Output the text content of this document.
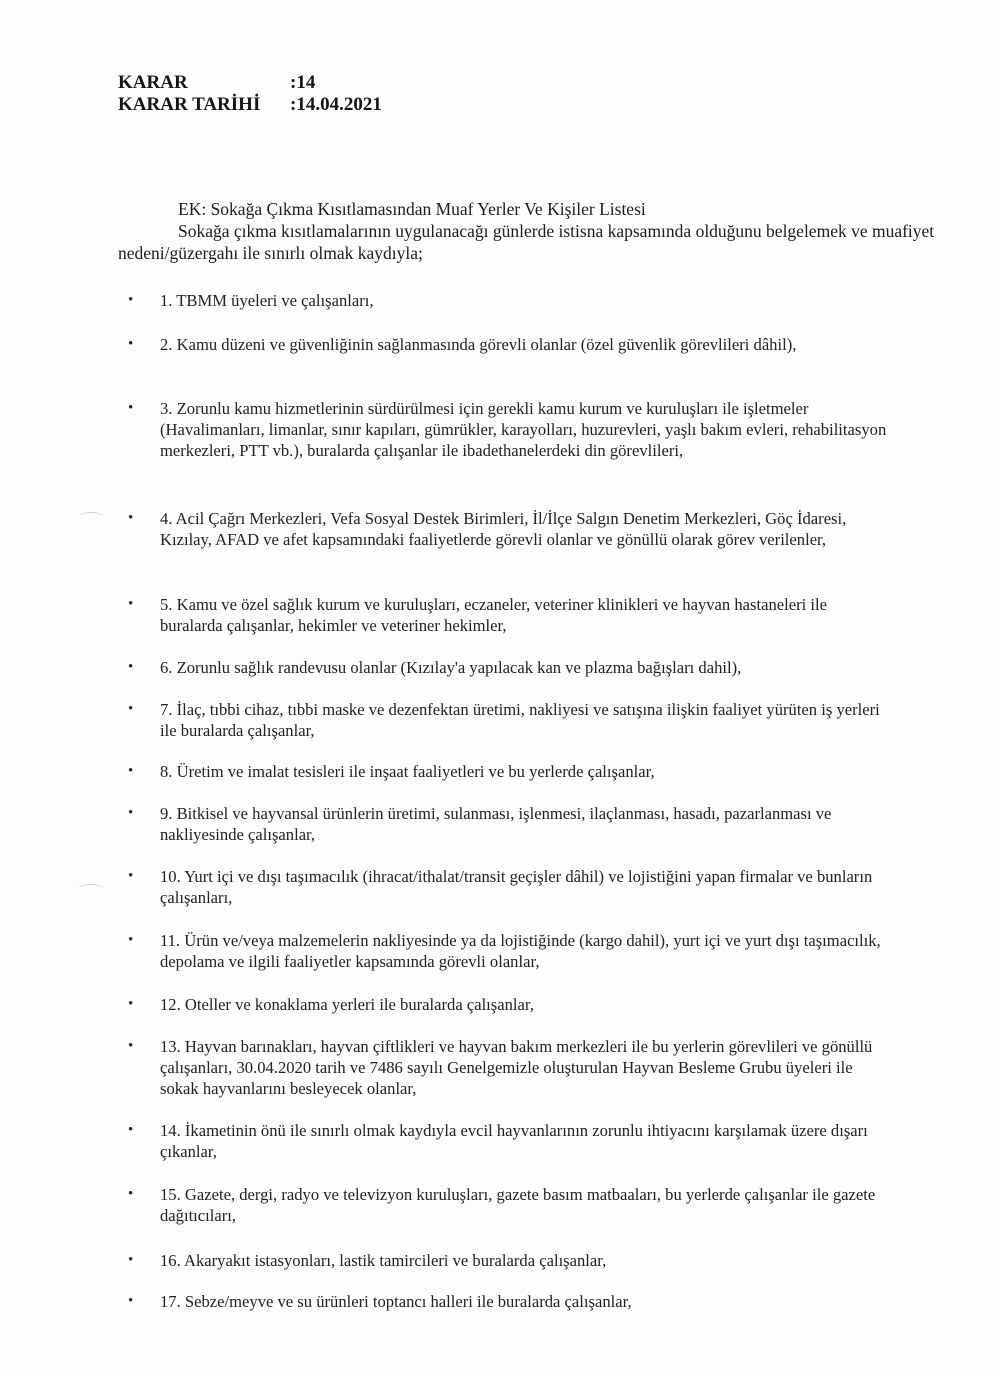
KARAR	:14
KARAR TARİHİ	:14.04.2021
EK: Sokağa Çıkma Kısıtlamasından Muaf Yerler Ve Kişiler Listesi
Sokağa çıkma kısıtlamalarının uygulanacağı günlerde istisna kapsamında olduğunu belgelemek ve muafiyet nedeni/güzergahı ile sınırlı olmak kaydıyla;
•	1. TBMM üyeleri ve çalışanları,
•	2. Kamu düzeni ve güvenliğinin sağlanmasında görevli olanlar (özel güvenlik görevlileri dâhil),
•	3. Zorunlu kamu hizmetlerinin sürdürülmesi için gerekli kamu kurum ve kuruluşları ile işletmeler (Havalimanları, limanlar, sınır kapıları, gümrükler, karayolları, huzurevleri, yaşlı bakım evleri, rehabilitasyon merkezleri, PTT vb.), buralarda çalışanlar ile ibadethanelerdeki din görevlileri,
•	4. Acil Çağrı Merkezleri, Vefa Sosyal Destek Birimleri, İl/İlçe Salgın Denetim Merkezleri, Göç İdaresi, Kızılay, AFAD ve afet kapsamındaki faaliyetlerde görevli olanlar ve gönüllü olarak görev verilenler,
•	5. Kamu ve özel sağlık kurum ve kuruluşları, eczaneler, veteriner klinikleri ve hayvan hastaneleri ile buralarda çalışanlar, hekimler ve veteriner hekimler,
•	6. Zorunlu sağlık randevusu olanlar (Kızılay'a yapılacak kan ve plazma bağışları dahil),
•	7. İlaç, tıbbi cihaz, tıbbi maske ve dezenfektan üretimi, nakliyesi ve satışına ilişkin faaliyet yürüten iş yerleri ile buralarda çalışanlar,
•	8. Üretim ve imalat tesisleri ile inşaat faaliyetleri ve bu yerlerde çalışanlar,
•	9. Bitkisel ve hayvansal ürünlerin üretimi, sulanması, işlenmesi, ilaçlanması, hasadı, pazarlanması ve nakliyesinde çalışanlar,
•	10. Yurt içi ve dışı taşımacılık (ihracat/ithalat/transit geçişler dâhil) ve lojistiğini yapan firmalar ve bunların çalışanları,
•	11. Ürün ve/veya malzemelerin nakliyesinde ya da lojistiğinde (kargo dahil), yurt içi ve yurt dışı taşımacılık, depolama ve ilgili faaliyetler kapsamında görevli olanlar,
•	12. Oteller ve konaklama yerleri ile buralarda çalışanlar,
•	13. Hayvan barınakları, hayvan çiftlikleri ve hayvan bakım merkezleri ile bu yerlerin görevlileri ve gönüllü çalışanları, 30.04.2020 tarih ve 7486 sayılı Genelgemizle oluşturulan Hayvan Besleme Grubu üyeleri ile sokak hayvanlarını besleyecek olanlar,
•	14. İkametinin önü ile sınırlı olmak kaydıyla evcil hayvanlarının zorunlu ihtiyacını karşılamak üzere dışarı çıkanlar,
•	15. Gazete, dergi, radyo ve televizyon kuruluşları, gazete basım matbaaları, bu yerlerde çalışanlar ile gazete dağıtıcıları,
•	16. Akaryakıt istasyonları, lastik tamircileri ve buralarda çalışanlar,
•	17. Sebze/meyve ve su ürünleri toptancı halleri ile buralarda çalışanlar,
